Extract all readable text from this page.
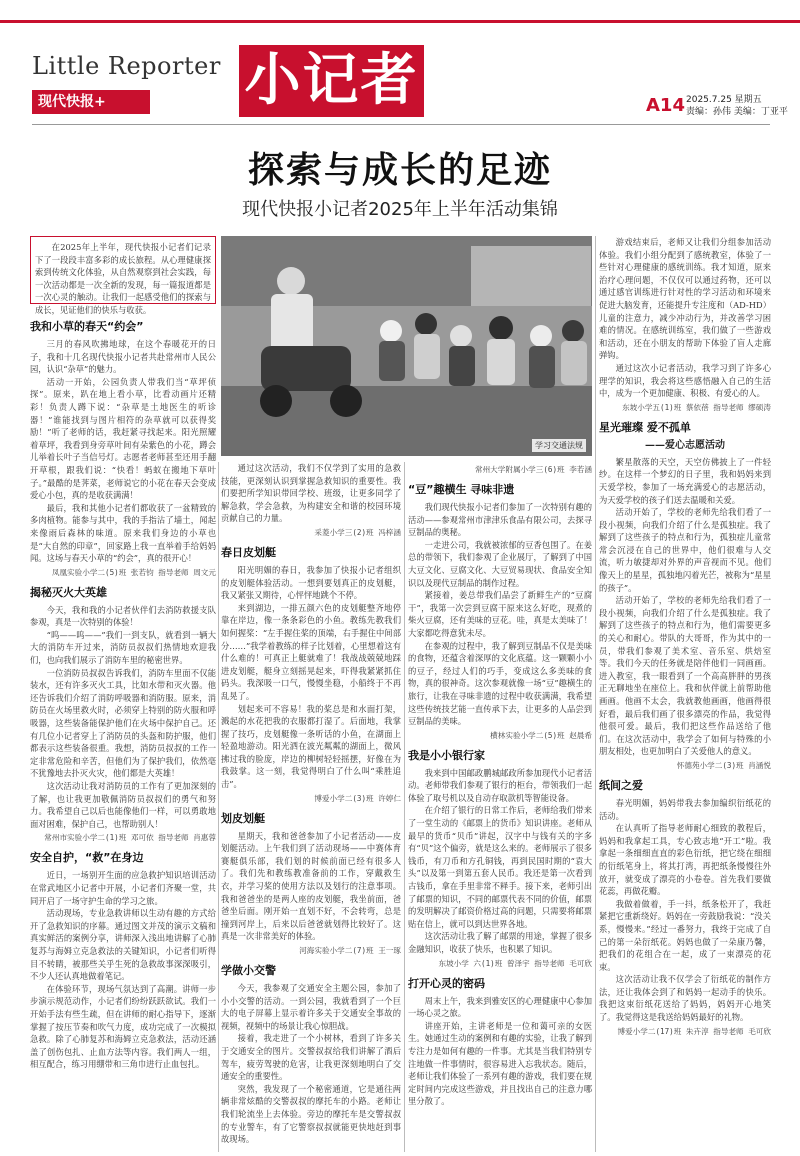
Little Reporter
现代快报+	小记者	A14 2025.7.25 星期五
责编：孙伟 美编：丁亚平
探索与成长的足迹
现代快报小记者2025年上半年活动集锦

在2025年上半年，现代快报小记者们记录下了一段段丰富多彩的成长旅程。从心理健康探索到传统文化体验，从自然观察到社会实践，每一次活动都是一次全新的发现，每一篇报道都是一次心灵的触动。让我们一起感受他们的探索与成长，见证他们的快乐与收获。

学习交通法规
我和小草的春天“约会”

三月的春风吹拂地球，在这个春暖花开的日子，我和十几名现代快报小记者共赴常州市人民公园，认识“杂草”的魅力。

活动一开始，公园负责人带我们当“草坪侦探”。原来，趴在地上看小草，比看动画片还精彩！负责人蹲下说：“杂草是土地医生的听诊器！”谁能找到与图片相符的杂草就可以获得奖励！”听了老师的话，我赶紧寻找起来。阳光照耀着草坪，我看到身旁草叶间有朵紫色的小花，蹲会儿举着长叶子当信号灯。志愿者老师甚至还用手翻开草根，跟我们说：“快看！蚂蚁在搬地下草叶子。”最酷的是荠菜，老师说它的小花在春天会变成爱心小包，真的是收获满满！

最后，我和其他小记者们都收获了一盆精致的多肉植物。能参与其中，我的手指沾了墙土，闻起来像雨后森林的味道。原来我们身边的小草也是“大自然的印章”，回家路上我一直举着手给妈妈闻。这场与春天小草的“约会”，真的很开心！

凤凰实验小学二(5)班 张若钧 指导老师 周文元
揭秘灭火大英雄

今天，我和我的小记者伙伴们去消防救援支队参观，真是一次特别的体验！

“呜——呜——”我们一到支队，就看到一辆大大的消防车开过来，消防员叔叔们热情地欢迎我们，也向我们展示了消防车里的秘密世界。

一位消防员叔叔告诉我们，消防车里面不仅能装水，还有许多灭火工具，比如水带和灭火器。他还告诉我们介绍了消防呼吸器和消防服。原来，消防员在火场里救火时，必须穿上特别的防火服和呼吸器，这些装备能保护他们在火场中保护自己。还有几位小记者穿上了消防员的头盔和防护服，他们都表示这些装备很重。我想，消防员叔叔的工作一定非常危险和辛苦，但他们为了保护我们，依然毫不犹豫地去扑灭火灾，他们都是大英雄！

这次活动让我对消防员的工作有了更加深刻的了解，也让我更加敬佩消防员叔叔们的勇气和努力。我希望自己以后也能像他们一样，可以勇敢地面对困难，保护自己，也帮助别人！

常州市实验小学二(1)班 邓可依 指导老师 肖惠蓉
安全自护，“救”在身边

近日，一场别开生面的应急救护知识培训活动在常武地区小记者中开展，小记者们齐聚一堂，共同开启了一场守护生命的学习之旅。

活动现场，专业急救讲师以生动有趣的方式给开了急救知识的序幕。通过图文并茂的演示文稿和真实鲜活的案例分享，讲师深入浅出地讲解了心肺复苏与海姆立克急救法的关键知识，小记者们听得目不转睛，被那些关乎生死的急救故事深深吸引，不少人还认真地做着笔记。

在体验环节，现场气氛达到了高潮。讲师一步步演示规范动作，小记者们纷纷跃跃欲试。我们一开始手法有些生疏，但在讲师的耐心指导下，逐渐掌握了按压节奏和吹气力度，成功完成了一次模拟急救。除了心肺复苏和海姆立克急救法，活动还涵盖了创伤包扎、止血方法等内容。我们两人一组，相互配合，练习用绷带和三角巾进行止血包扎。

通过这次活动，我们不仅学到了实用的急救技能，更深刻认识到掌握急救知识的重要性。我们要把所学知识带回学校、班级，让更多同学了解急救，学会急救，为构建安全和谐的校园环境贡献自己的力量。

采菱小学三(2)班 冯梓涵
春日皮划艇

阳光明媚的春日，我参加了快报小记者组织的皮划艇体验活动。一想到要划真正的皮划艇，我又紧张又期待，心怦怦地跳个不停。

来到湖边，一排五颜六色的皮划艇整齐地停靠在岸边，像一条条彩色的小鱼。教练先教我们如何握桨：“左手握住桨的顶端，右手握住中间部分……”我学着教练的样子比划着，心里想着这有什么难的！可真正上艇就难了！我战战兢兢地踩进皮划艇，艇身立刻摇晃起来，吓得我紧紧抓住码头。我深吸一口气，慢慢坐稳，小船终于不再乱晃了。

划起来可不容易！我的桨总是和水面打架，溅起的水花把我的衣服都打湿了。后面地，我掌握了技巧，皮划艇像一条听话的小鱼，在湖面上轻盈地游动。阳光洒在波光粼粼的湖面上，微风拂过我的脸庞，岸边的柳树轻轻摇摆，好像在为我鼓掌。这一刻，我觉得明白了什么叫“乘胜追击”。

博爱小学二(3)班 许婷仁
划皮划艇

星期天，我和爸爸参加了小记者活动——皮划艇活动。上午我们到了活动现场——中赛体育赛艇俱乐部，我们划的时候前面已经有很多人了。我们先和教练教准备前的工作，穿戴救生衣，并学习桨的使用方法以及划行的注意事项。我和爸爸坐的是两人座的皮划艇，我坐前面，爸爸坐后面。刚开始一直划不好，不会转弯，总是撞到河岸上，后来以后爸爸就划得比较好了。这真是一次非常美好的体验。

河海实验小学二(7)班 王一琢
学做小交警

今天，我参观了交通安全主题公园，参加了小小交警的活动。一到公园，我就看到了一个巨大的电子屏幕上显示着许多关于交通安全事故的视频，视频中的场景让我心惊胆战。

接着，我走进了一个小树林，看到了许多关于交通安全的图片。交警叔叔给我们讲解了酒后驾车，疲劳驾驶的危害，让我更深刻地明白了交通安全的重要性。

突然，我发现了一个秘密通道，它是通往两辆非常炫酷的交警叔叔的摩托车的小路。老师让我们轮流坐上去体验。旁边的摩托车是交警叔叔的专业警车，有了它警察叔叔就能更快地赶到事故现场。

常州大学附属小学三(6)班 李若涵
“豆”趣横生 寻味非遗

我们现代快报小记者们参加了一次特别有趣的活动——参观常州市津津乐食品有限公司，去探寻豆制品的奥秘。

一走进公司，我就被浓郁的豆香包围了。在姜总的带领下，我们参观了企业展厅，了解到了中国大豆文化、豆腐文化、大豆贸易现状、食品安全知识以及现代豆制品的制作过程。

紧接着，姜总带我们品尝了新鲜生产的“豆腐干”，我第一次尝到豆腐干原来这么好吃，现煮的柴火豆腐，还有美味的豆花。哇，真是太美味了！大家都吃得意犹未尽。

在参观的过程中，我了解到豆制品不仅是美味的食物，还蕴含着深厚的文化底蕴。这一颗颗小小的豆子，经过人们的巧手，变成这么多美味的食物，真的很神奇。这次参观就像一场“豆”趣横生的旅行，让我在寻味非遗的过程中收获满满，我希望这些传统技艺能一直传承下去，让更多的人品尝到豆制品的美味。

横林实验小学二(5)班 赵晨希
我是小小银行家

我来到中国邮政鹏城邮政所参加现代小记者活动。老师带我们参观了银行的柜台，带领我们一起体验了取号机以及自动存取款机等智能设备。

在介绍了银行的日常工作后，老师给我们带来了一堂生动的《邮票上的货币》知识讲座。老师从最早的货币“贝币”讲起，汉字中与钱有关的字多有“贝”这个偏旁，就是这么来的。老师展示了很多钱币，有刀币和方孔铜钱，再到民国时期的“袁大头”以及第一到第五套人民币。我还是第一次看到古钱币，拿在手里非常不释手。接下来，老师引出了邮票的知识，不同的邮票代表不同的价值，邮票的发明解决了邮资价格过高的问题，只需要将邮票贴在信上，就可以到达世界各地。

这次活动让我了解了邮票的用途，掌握了很多金融知识，收获了快乐，也积累了知识。

东坡小学 六(1)班 曾泽宇 指导老师 毛可欣
打开心灵的密码

周末上午，我来到雅安区的心理健康中心参加一场心灵之旅。

讲座开始，主讲老师是一位和蔼可亲的女医生。她通过生动的案例和有趣的实验，让我了解到专注力是如何有趣的一件事。尤其是当我们特别专注地做一件事情时，很容易进入忘我状态。随后，老师让我们体验了一系列有趣的游戏，我们要在规定时间内完成这些游戏，并且找出自己的注意力哪里分散了。

游戏结束后，老师又让我们分组参加活动体验。我们小组分配到了感统教室，体验了一些针对心理健康的感统训练。我才知道，原来治疗心理问题，不仅仅可以通过药物，还可以通过感官训练进行针对性的学习活动和环境来促进大脑发育，还能提升专注度和（AD-HD）儿童的注意力，减少冲动行为，并改善学习困难的情况。在感统训练室，我们做了一些游戏和活动，还在小朋友的帮助下体验了盲人走廊弹钩。

通过这次小记者活动，我学习到了许多心理学的知识，我会将这些感悟融入自己的生活中，成为一个更加健康、积极、有爱心的人。

东坡小学五(1)班 蔡依蓓 指导老师 缪硕涛
星光璀璨 爱不孤单
——爱心志愿活动

繁星散落的天空，天空仿佛披上了一件轻纱。在这样一个梦幻的日子里，我和妈妈来到天爱学校，参加了一场充满爱心的志愿活动，为天爱学校的孩子们送去温暖和关爱。

活动开始了，学校的老师先给我们看了一段小视频，向我们介绍了什么是孤独症。我了解到了这些孩子的特点和行为，孤独症儿童常常会沉浸在自己的世界中，他们很难与人交流，听力敏捷却对外界的声音视而不见。他们像天上的星星，孤独地闪着光芒，被称为“星星的孩子”。

活动开始了，学校的老师先给我们看了一段小视频，向我们介绍了什么是孤独症。我了解到了这些孩子的特点和行为，他们需要更多的关心和耐心。带队的大哥哥，作为其中的一员，带我们参观了美术室、音乐室、烘焙室等。我们今天的任务就是陪伴他们一同画画。进入教室，我一眼看到了一个高高胖胖的男孩正无聊地坐在座位上。我和伙伴就上前帮助他画画。他画不太会，我就教他画画，他画得很好看，最后我们画了很多漂亮的作品，我觉得他很可爱。最后，我们把这些作品送给了他们。在这次活动中，我学会了如何与特殊的小朋友相处，也更加明白了关爱他人的意义。

怀德苑小学二(3)班 肖涵悦
纸间之爱

春光明媚，妈妈带我去参加编织衍纸花的活动。

在认真听了指导老师耐心细致的教程后，妈妈和我拿起工具，专心致志地“开工”啦。我拿起一条细细直直的彩色衍纸，把它绕在细细的衍纸笔身上，将其打湾，再把纸条慢慢往外放开，就变成了漂亮的小卷卷。首先我们要做花蕊，再做花瓣。

我做着做着，手一抖，纸条松开了，我赶紧把它重新绕好。妈妈在一旁鼓励我说：“没关系，慢慢来。”经过一番努力，我终于完成了自己的第一朵衍纸花。妈妈也做了一朵康乃馨，把我们的花组合在一起，成了一束漂亮的花束。

这次活动让我不仅学会了衍纸花的制作方法，还让我体会到了和妈妈一起动手的快乐。我把这束衍纸花送给了妈妈，妈妈开心地笑了。我觉得这是我送给妈妈最好的礼物。

博爱小学二(17)班 朱卉淳 指导老师 毛可欣
